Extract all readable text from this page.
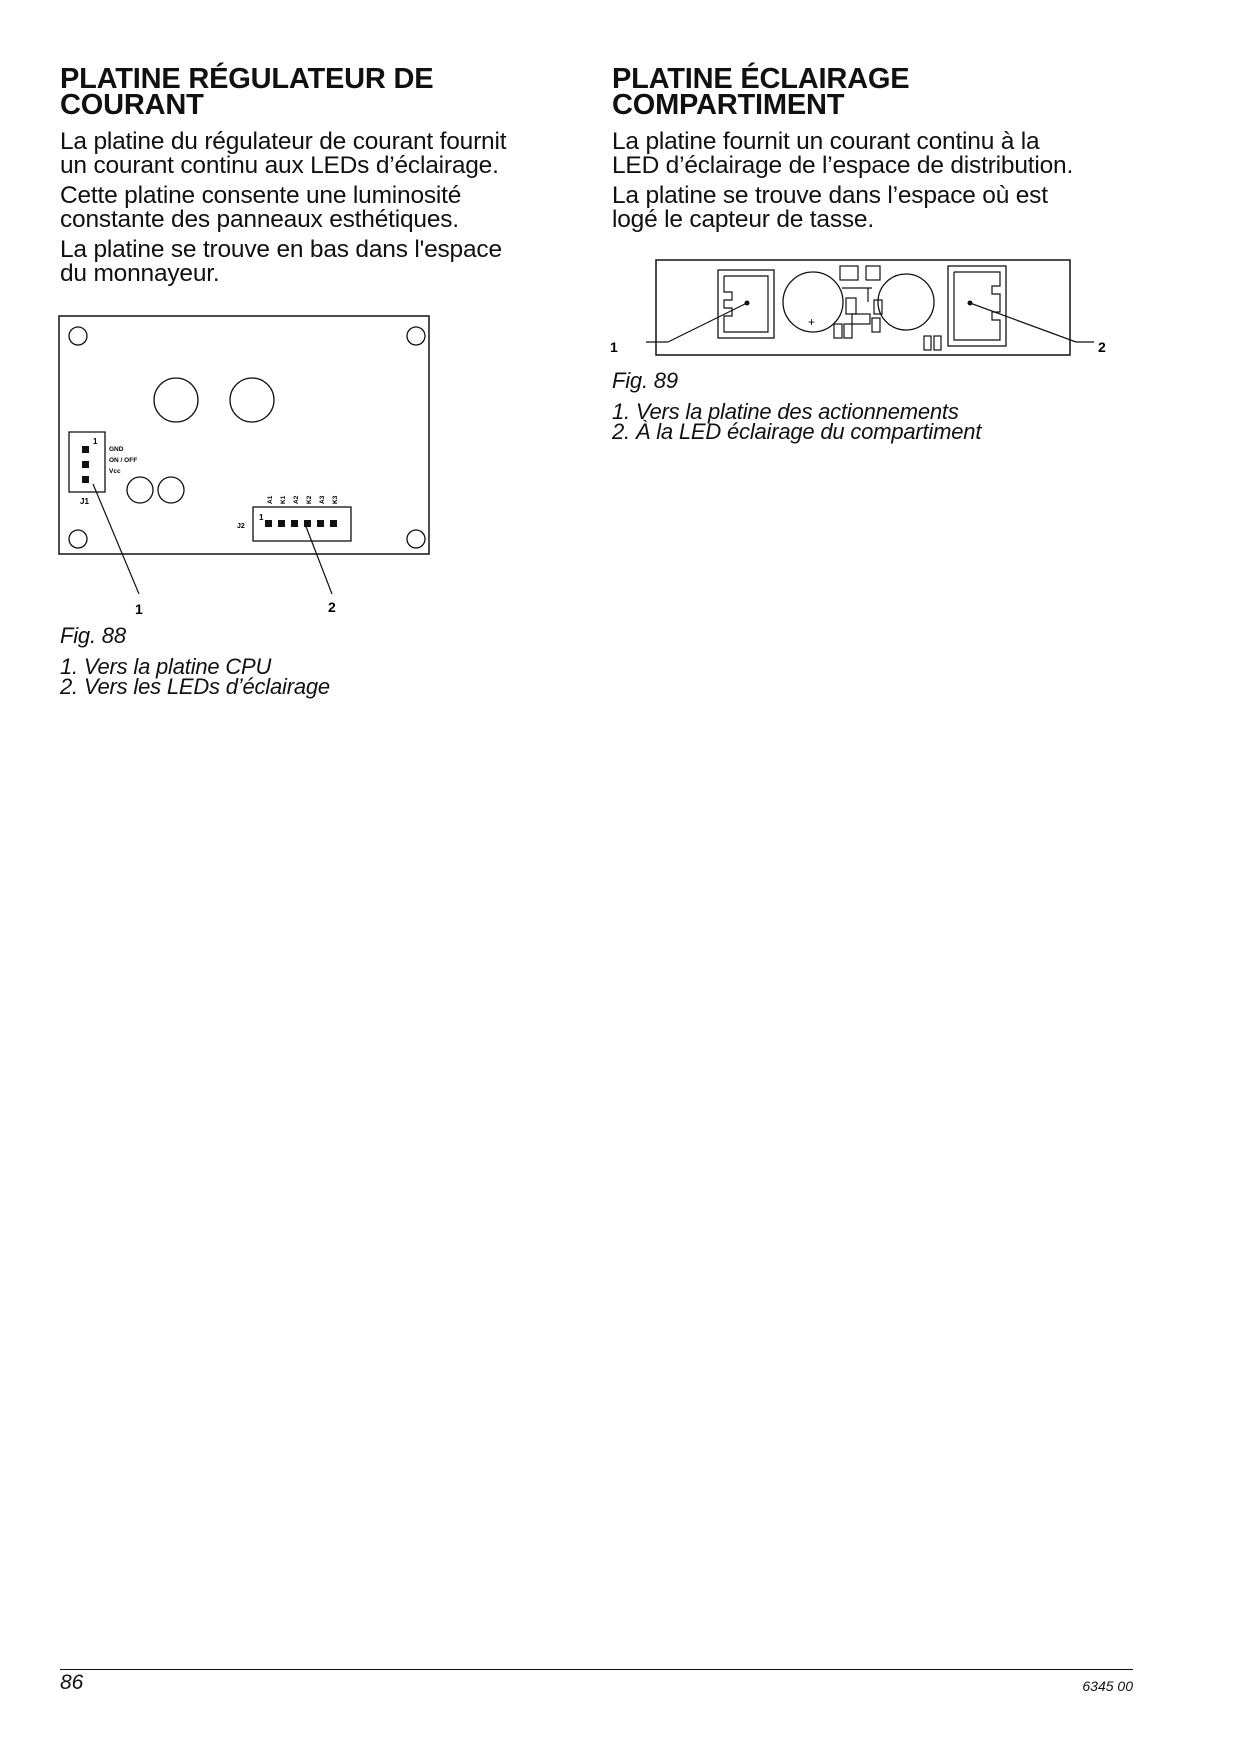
PLATINE RÉGULATEUR DE
COURANT

La platine du régulateur de courant fournit
un courant continu aux LEDs d’éclairage.

Cette platine consente une luminosité
constante des panneaux esthétiques.

La platine se trouve en bas dans l'espace
du monnayeur.

1
GND
ON / OFF
Vcc
J1
1
J2
A1 K1 A2 K2 A3 K3
1	2

Fig. 88

1. Vers la platine CPU
2. Vers les LEDs d’éclairage
PLATINE ÉCLAIRAGE
COMPARTIMENT

La platine fournit un courant continu à la
LED d’éclairage de l’espace de distribution.

La platine se trouve dans l’espace où est
logé le capteur de tasse.

+
1	2

Fig. 89

1. Vers la platine des actionnements
2. À la LED éclairage du compartiment
86	6345 00
